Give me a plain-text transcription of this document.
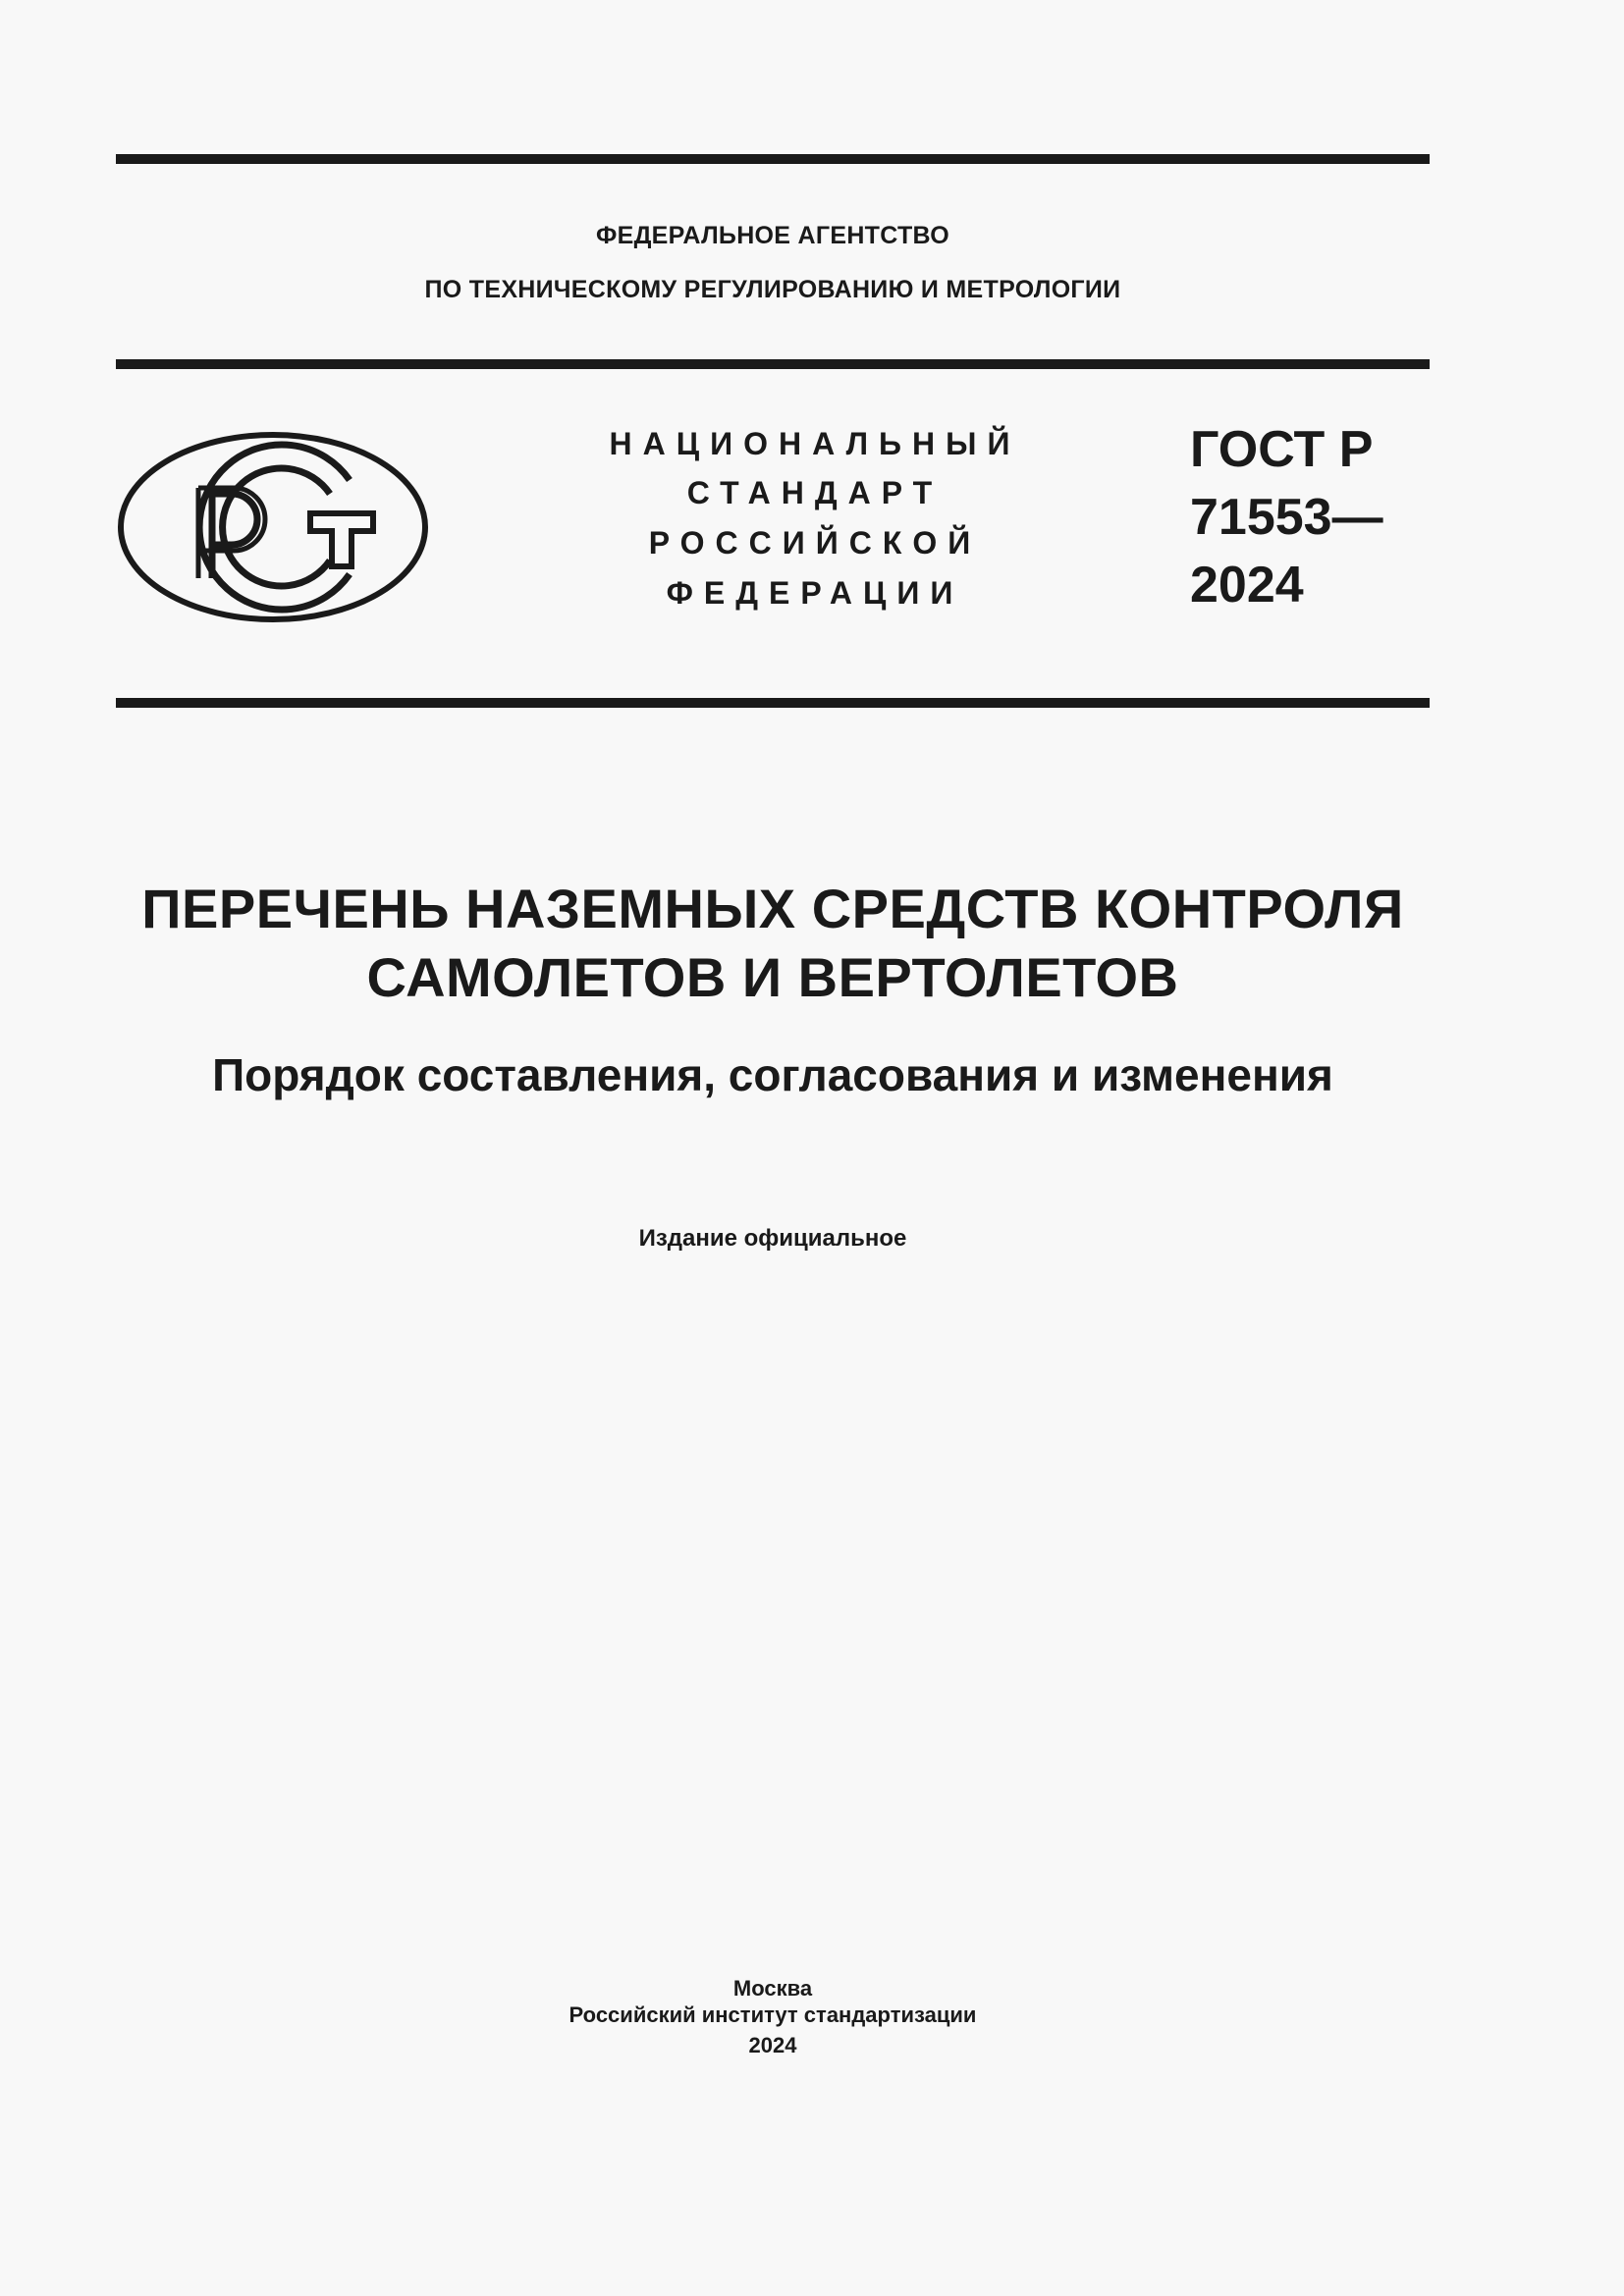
ФЕДЕРАЛЬНОЕ АГЕНТСТВО
ПО ТЕХНИЧЕСКОМУ РЕГУЛИРОВАНИЮ И МЕТРОЛОГИИ
НАЦИОНАЛЬНЫЙ
СТАНДАРТ
РОССИЙСКОЙ
ФЕДЕРАЦИИ
ГОСТ Р
71553—
2024
ПЕРЕЧЕНЬ НАЗЕМНЫХ СРЕДСТВ КОНТРОЛЯ
САМОЛЕТОВ И ВЕРТОЛЕТОВ
Порядок составления, согласования и изменения
Издание официальное
Москва
Российский институт стандартизации
2024
